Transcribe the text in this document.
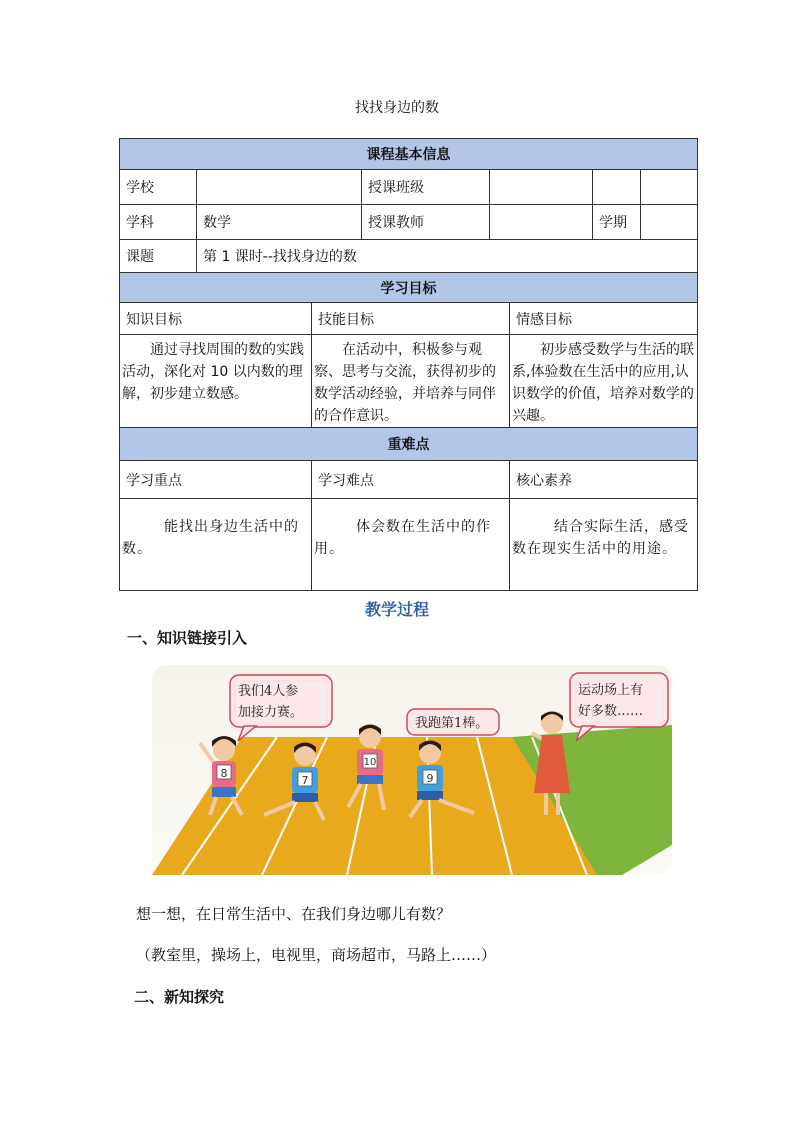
找找身边的数
课程基本信息							
学校			授课班级				
学科	数学		授课教师			学期	
课题	第 1 课时--找找身边的数						
学习目标							
知识目标		技能目标			情感目标		
通过寻找周围的数的实践活动，深化对 10 以内数的理解，初步建立数感。		在活动中，积极参与观察、思考与交流，获得初步的数学活动经验，并培养与同伴的合作意识。			初步感受数学与生活的联系,体验数在生活中的应用,认识数学的价值，培养对数学的兴趣。		
重难点							
学习重点		学习难点			核心素养		
能找出身边生活中的数。		体会数在生活中的作用。			结合实际生活，感受数在现实生活中的用途。		
教学过程
一、知识链接引入
我们4人参
加接力赛。
我跑第1棒。
运动场上有
好多数……
8
7
10
9
想一想，在日常生活中、在我们身边哪儿有数？
（教室里，操场上，电视里，商场超市，马路上……）
二、新知探究
